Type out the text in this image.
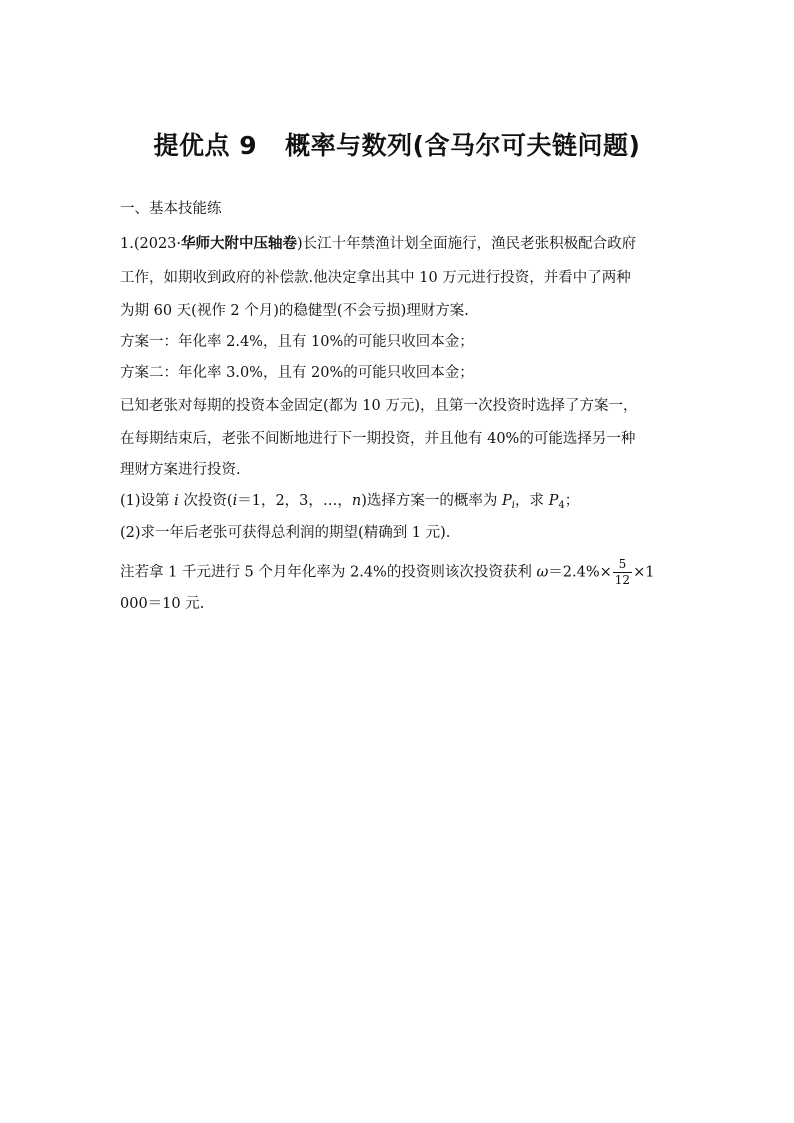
提优点 9 概率与数列(含马尔可夫链问题)
一、基本技能练
1.(2023·华师大附中压轴卷)长江十年禁渔计划全面施行，渔民老张积极配合政府
工作，如期收到政府的补偿款.他决定拿出其中 10 万元进行投资，并看中了两种
为期 60 天(视作 2 个月)的稳健型(不会亏损)理财方案.
方案一：年化率 2.4%，且有 10%的可能只收回本金；
方案二：年化率 3.0%，且有 20%的可能只收回本金；
已知老张对每期的投资本金固定(都为 10 万元)，且第一次投资时选择了方案一，
在每期结束后，老张不间断地进行下一期投资，并且他有 40%的可能选择另一种
理财方案进行投资.
(1)设第 i 次投资(i＝1，2，3，…，n)选择方案一的概率为 $P_i$，求 $P_4$；
(2)求一年后老张可获得总利润的期望(精确到 1 元).
注若拿 1 千元进行 5 个月年化率为 2.4%的投资则该次投资获利 $\omega=2.4\%\times \frac{5}{12} \times 1$
000＝10 元.
